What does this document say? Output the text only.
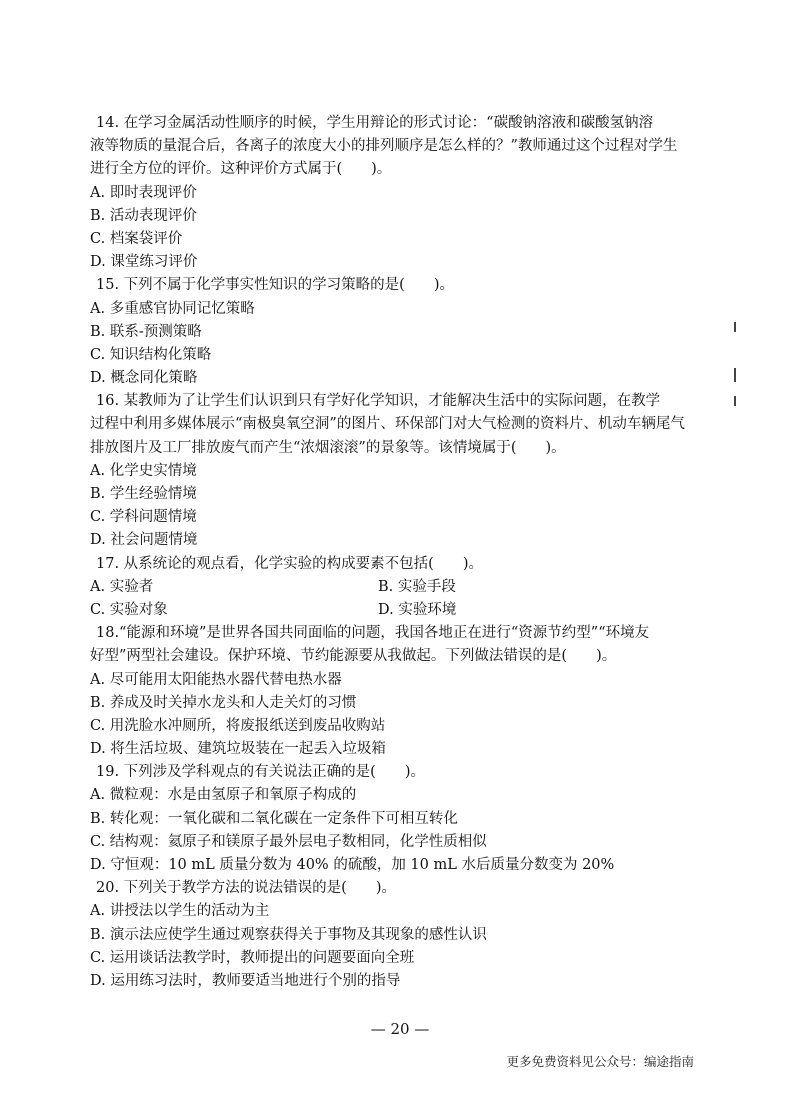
14. 在学习金属活动性顺序的时候，学生用辩论的形式讨论：“碳酸钠溶液和碳酸氢钠溶
液等物质的量混合后，各离子的浓度大小的排列顺序是怎么样的？”教师通过这个过程对学生
进行全方位的评价。这种评价方式属于(　　)。
A. 即时表现评价
B. 活动表现评价
C. 档案袋评价
D. 课堂练习评价
15. 下列不属于化学事实性知识的学习策略的是(　　)。
A. 多重感官协同记忆策略
B. 联系-预测策略
C. 知识结构化策略
D. 概念同化策略
16. 某教师为了让学生们认识到只有学好化学知识，才能解决生活中的实际问题，在教学
过程中利用多媒体展示“南极臭氧空洞”的图片、环保部门对大气检测的资料片、机动车辆尾气
排放图片及工厂排放废气而产生“浓烟滚滚”的景象等。该情境属于(　　)。
A. 化学史实情境
B. 学生经验情境
C. 学科问题情境
D. 社会问题情境
17. 从系统论的观点看，化学实验的构成要素不包括(　　)。
A. 实验者	B. 实验手段
C. 实验对象	D. 实验环境
18.“能源和环境”是世界各国共同面临的问题，我国各地正在进行“资源节约型”“环境友
好型”两型社会建设。保护环境、节约能源要从我做起。下列做法错误的是(　　)。
A. 尽可能用太阳能热水器代替电热水器
B. 养成及时关掉水龙头和人走关灯的习惯
C. 用洗脸水冲厕所，将废报纸送到废品收购站
D. 将生活垃圾、建筑垃圾装在一起丢入垃圾箱
19. 下列涉及学科观点的有关说法正确的是(　　)。
A. 微粒观：水是由氢原子和氧原子构成的
B. 转化观：一氧化碳和二氧化碳在一定条件下可相互转化
C. 结构观：氦原子和镁原子最外层电子数相同，化学性质相似
D. 守恒观：10 mL 质量分数为 40% 的硫酸，加 10 mL 水后质量分数变为 20%
20. 下列关于教学方法的说法错误的是(　　)。
A. 讲授法以学生的活动为主
B. 演示法应使学生通过观察获得关于事物及其现象的感性认识
C. 运用谈话法教学时，教师提出的问题要面向全班
D. 运用练习法时，教师要适当地进行个别的指导
— 20 —
更多免费资料见公众号：编途指南
